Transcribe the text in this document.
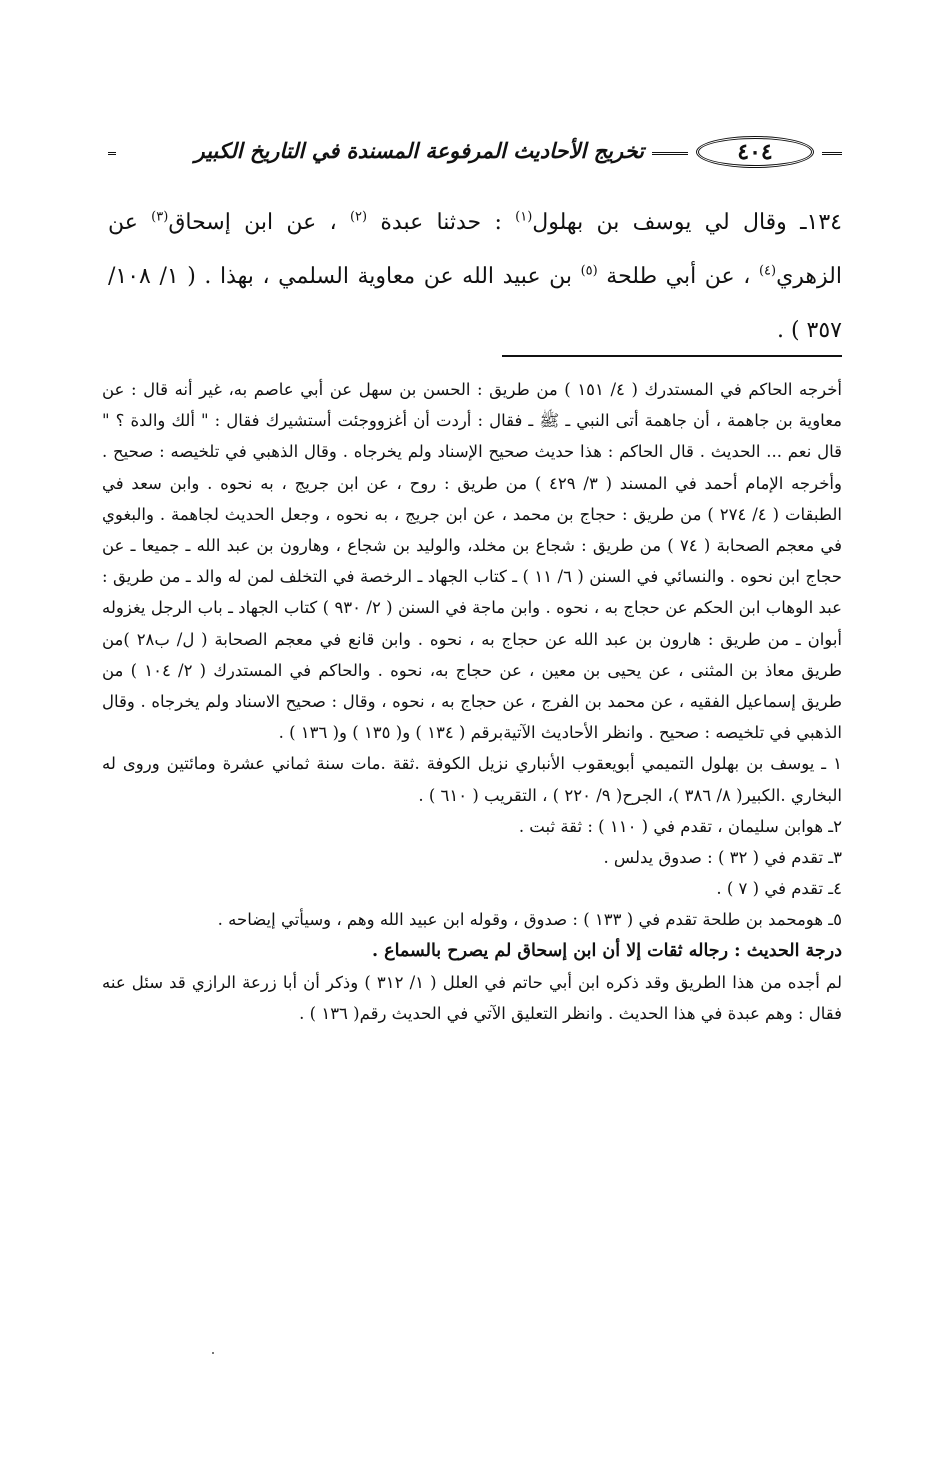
٤٠٤
تخريج الأحاديث المرفوعة المسندة في التاريخ الكبير

١٣٤ـ وقال لي يوسف بن بهلول$^{(١)}$ : حدثنا عبدة $^{(٢)}$ ، عن ابن إسحاق$^{(٣)}$ عن الزهري$^{(٤)}$ ، عن أبي طلحة $^{(٥)}$ بن عبيد الله عن معاوية السلمي ، بهذا . ( ١/ ١٠٨/ ٣٥٧ ) .

أخرجه الحاكم في المستدرك ( ٤/ ١٥١ ) من طريق : الحسن بن سهل عن أبي عاصم به، غير أنه قال : عن معاوية بن جاهمة ، أن جاهمة أتى النبي ـ ﷺ ـ فقال : أردت أن أغزووجئت أستشيرك فقال : " ألك والدة ؟ " قال نعم ... الحديث . قال الحاكم : هذا حديث صحيح الإسناد ولم يخرجاه . وقال الذهبي في تلخيصه : صحيح . وأخرجه الإمام أحمد في المسند ( ٣/ ٤٢٩ ) من طريق : روح ، عن ابن جريج ، به نحوه . وابن سعد في الطبقات ( ٤/ ٢٧٤ ) من طريق : حجاج بن محمد ، عن ابن جريج ، به نحوه ، وجعل الحديث لجاهمة . والبغوي في معجم الصحابة ( ٧٤ ) من طريق : شجاع بن مخلد، والوليد بن شجاع ، وهارون بن عبد الله ـ جميعا ـ عن حجاج ابن نحوه . والنسائي في السنن ( ٦/ ١١ ) ـ كتاب الجهاد ـ الرخصة في التخلف لمن له والد ـ من طريق : عبد الوهاب ابن الحكم عن حجاج به ، نحوه . وابن ماجة في السنن ( ٢/ ٩٣٠ ) كتاب الجهاد ـ باب الرجل يغزوله أبوان ـ من طريق : هارون بن عبد الله عن حجاج به ، نحوه . وابن قانع في معجم الصحابة ( ل/ ب٢٨ )من طريق معاذ بن المثنى ، عن يحيى بن معين ، عن حجاج به، نحوه . والحاكم في المستدرك ( ٢/ ١٠٤ ) من طريق إسماعيل الفقيه ، عن محمد بن الفرج ، عن حجاج به ، نحوه ، وقال : صحيح الاسناد ولم يخرجاه . وقال الذهبي في تلخيصه : صحيح . وانظر الأحاديث الآتيةبرقم ( ١٣٤ ) و( ١٣٥ ) و( ١٣٦ ) .

١ ـ يوسف بن بهلول التميمي أبويعقوب الأنباري نزيل الكوفة .ثقة .مات سنة ثماني عشرة ومائتين وروى له البخاري .الكبير( ٨/ ٣٨٦ )، الجرح( ٩/ ٢٢٠ ) ، التقريب ( ٦١٠ ) .

٢ـ هوابن سليمان ، تقدم في ( ١١٠ ) : ثقة ثبت .

٣ـ تقدم في ( ٣٢ ) : صدوق يدلس .

٤ـ تقدم في ( ٧ ) .

٥ـ هومحمد بن طلحة تقدم في ( ١٣٣ ) : صدوق ، وقوله ابن عبيد الله وهم ، وسيأتي إيضاحه .

درجة الحديث : رجاله ثقات إلا أن ابن إسحاق لم يصرح بالسماع .

لم أجده من هذا الطريق وقد ذكره ابن أبي حاتم في العلل ( ١/ ٣١٢ ) وذكر أن أبا زرعة الرازي قد سئل عنه فقال : وهم عبدة في هذا الحديث . وانظر التعليق الآتي في الحديث رقم( ١٣٦ ) .
